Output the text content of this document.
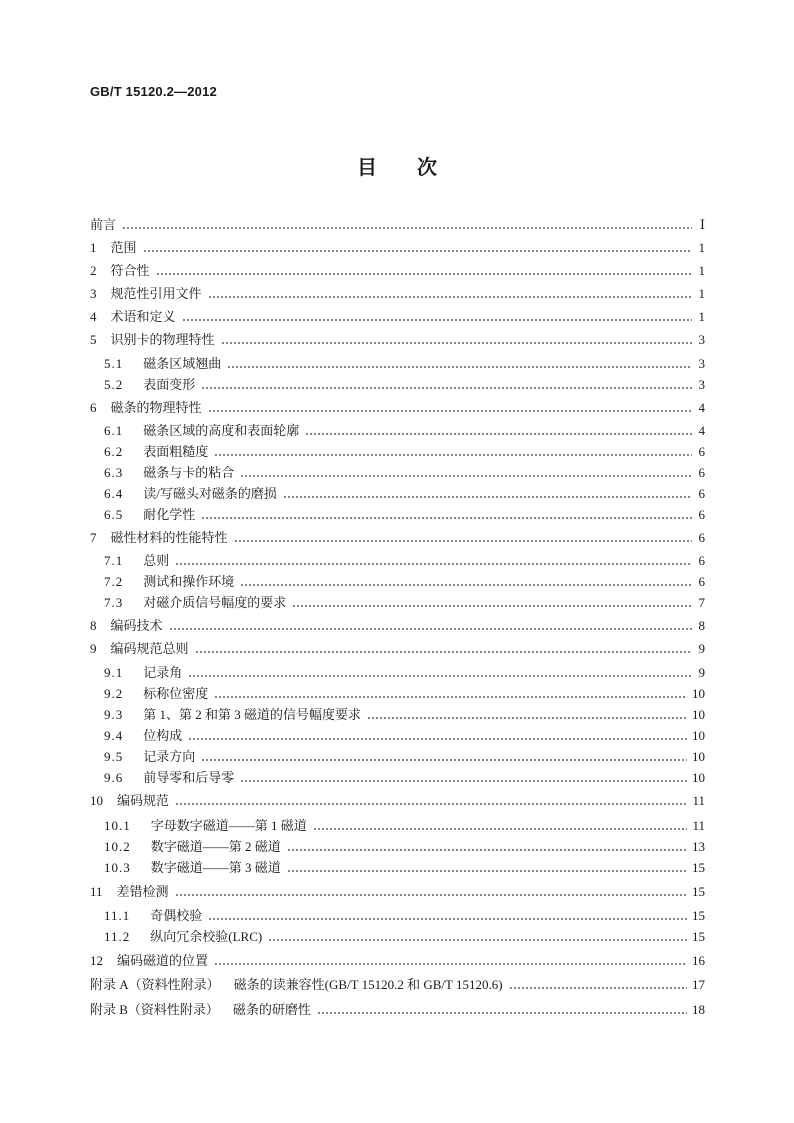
GB/T 15120.2—2012
目　次
前言	Ⅰ
1 范围	1
2 符合性	1
3 规范性引用文件	1
4 术语和定义	1
5 识别卡的物理特性	3
5.1 磁条区域翘曲	3
5.2 表面变形	3
6 磁条的物理特性	4
6.1 磁条区域的高度和表面轮廓	4
6.2 表面粗糙度	6
6.3 磁条与卡的粘合	6
6.4 读/写磁头对磁条的磨损	6
6.5 耐化学性	6
7 磁性材料的性能特性	6
7.1 总则	6
7.2 测试和操作环境	6
7.3 对磁介质信号幅度的要求	7
8 编码技术	8
9 编码规范总则	9
9.1 记录角	9
9.2 标称位密度	10
9.3 第 1、第 2 和第 3 磁道的信号幅度要求	10
9.4 位构成	10
9.5 记录方向	10
9.6 前导零和后导零	10
10 编码规范	11
10.1 字母数字磁道——第 1 磁道	11
10.2 数字磁道——第 2 磁道	13
10.3 数字磁道——第 3 磁道	15
11 差错检测	15
11.1 奇偶校验	15
11.2 纵向冗余校验(LRC)	15
12 编码磁道的位置	16
附录 A（资料性附录） 磁条的读兼容性(GB/T 15120.2 和 GB/T 15120.6)	17
附录 B（资料性附录） 磁条的研磨性	18
